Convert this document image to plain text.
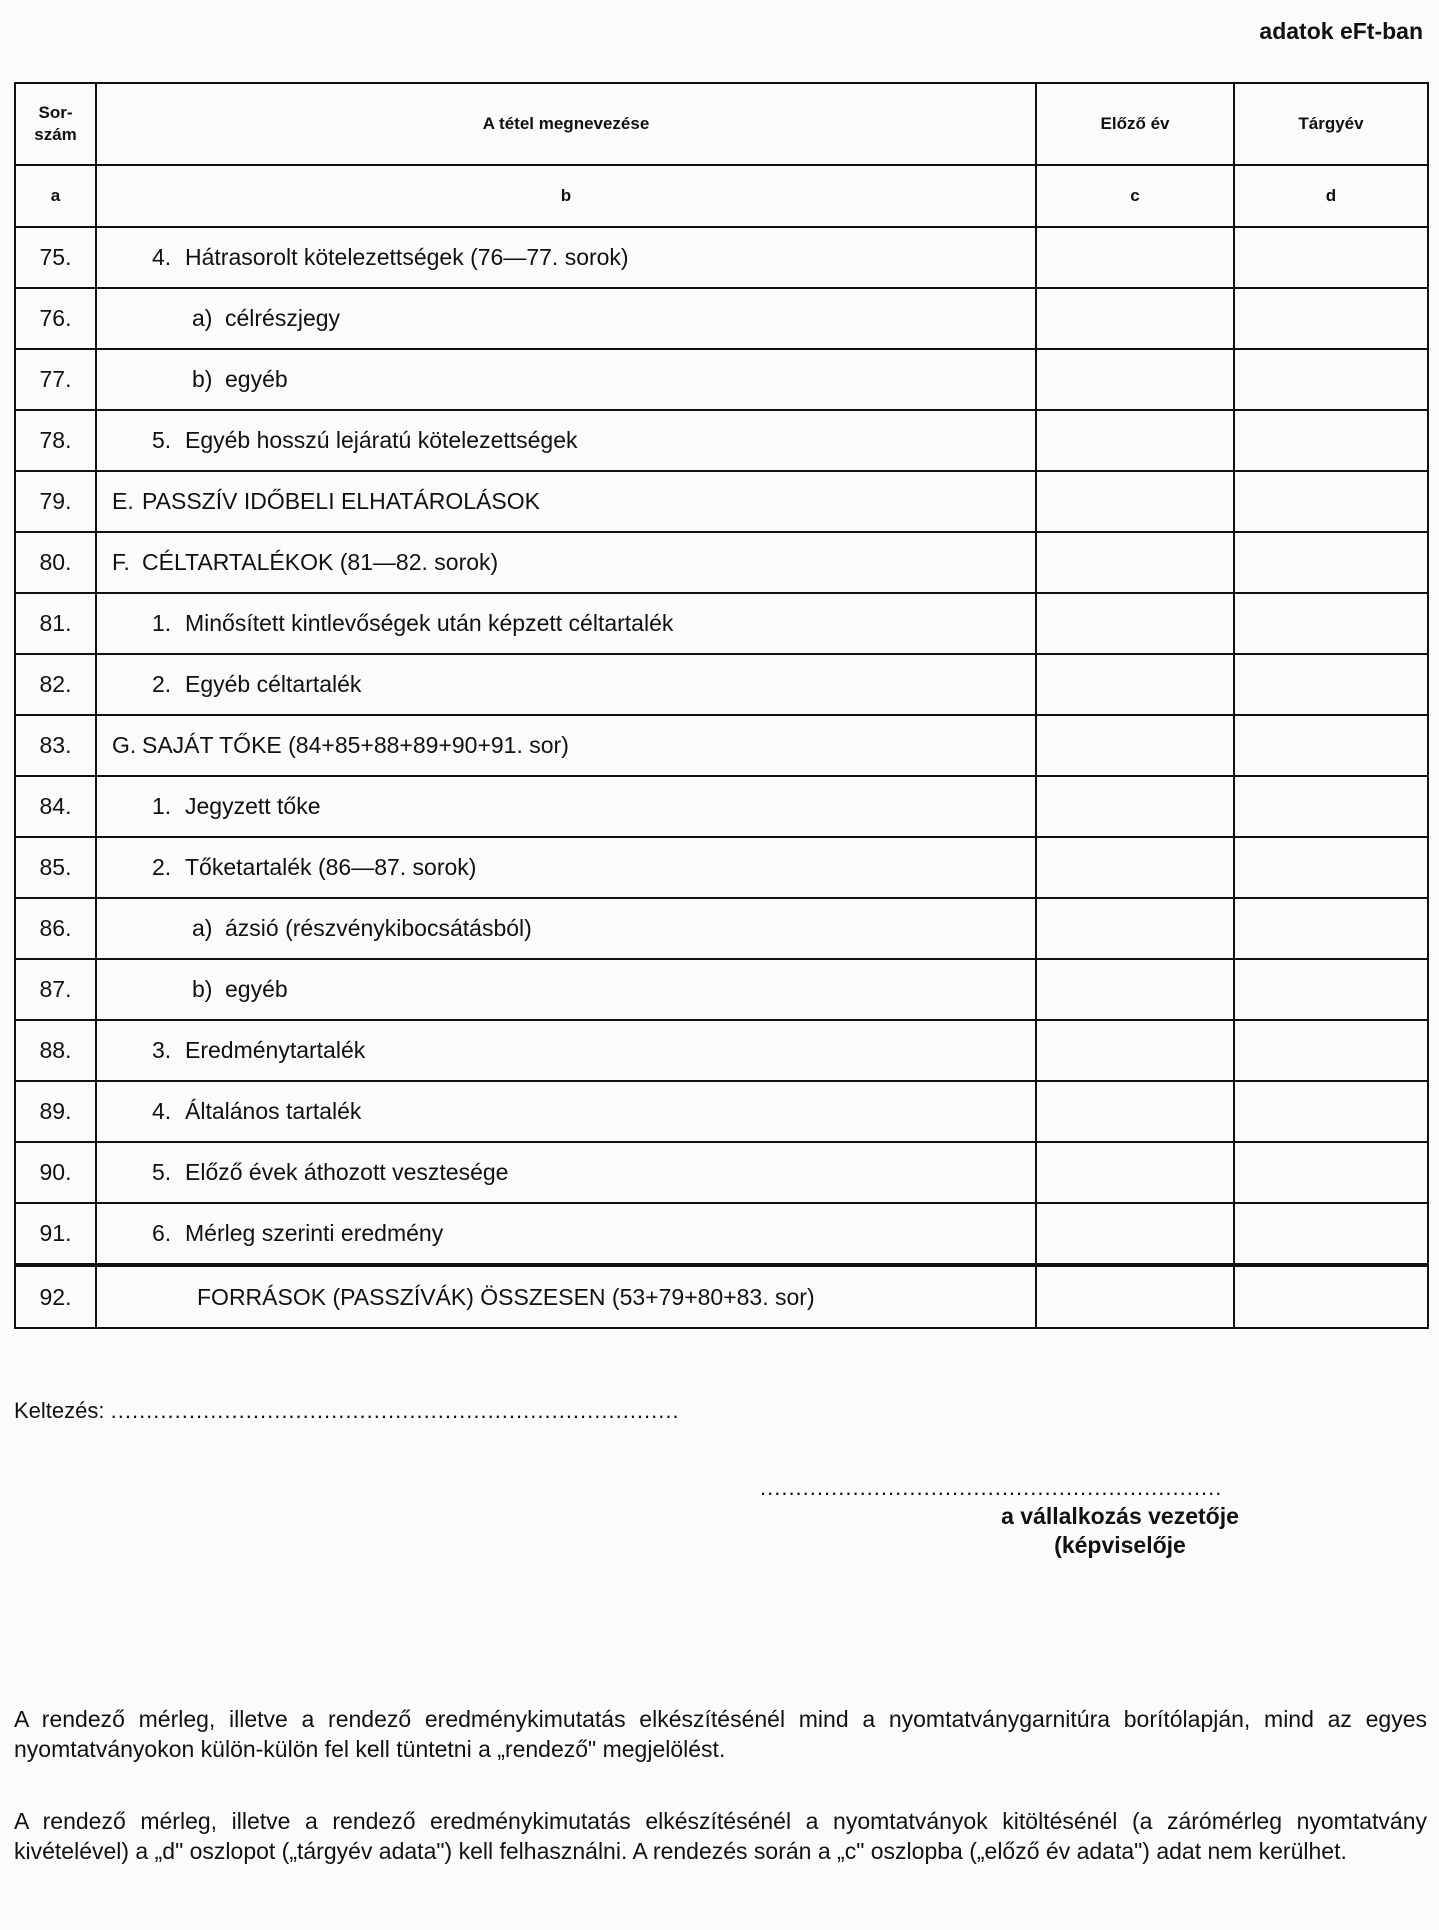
adatok eFt-ban
Sor-
szám	A tétel megnevezése	Előző év	Tárgyév
a	b	c	d
75.	4. Hátrasorolt kötelezettségek (76—77. sorok)		
76.	a) célrészjegy		
77.	b) egyéb		
78.	5. Egyéb hosszú lejáratú kötelezettségek		
79.	E. PASSZÍV IDŐBELI ELHATÁROLÁSOK		
80.	F. CÉLTARTALÉKOK (81—82. sorok)		
81.	1. Minősített kintlevőségek után képzett céltartalék		
82.	2. Egyéb céltartalék		
83.	G. SAJÁT TŐKE (84+85+88+89+90+91. sor)		
84.	1. Jegyzett tőke		
85.	2. Tőketartalék (86—87. sorok)		
86.	a) ázsió (részvénykibocsátásból)		
87.	b) egyéb		
88.	3. Eredménytartalék		
89.	4. Általános tartalék		
90.	5. Előző évek áthozott vesztesége		
91.	6. Mérleg szerinti eredmény		
92.	FORRÁSOK (PASSZÍVÁK) ÖSSZESEN (53+79+80+83. sor)		
Keltezés: ................................................................................
.................................................................
a vállalkozás vezetője
(képviselője
A rendező mérleg, illetve a rendező eredménykimutatás elkészítésénél mind a nyomtatványgarnitúra borítólapján, mind az egyes nyomtatványokon külön-külön fel kell tüntetni a „rendező" megjelölést.
A rendező mérleg, illetve a rendező eredménykimutatás elkészítésénél a nyomtatványok kitöltésénél (a zárómérleg nyomtatvány kivételével) a „d" oszlopot („tárgyév adata") kell felhasználni. A rendezés során a „c" oszlopba („előző év adata") adat nem kerülhet.
